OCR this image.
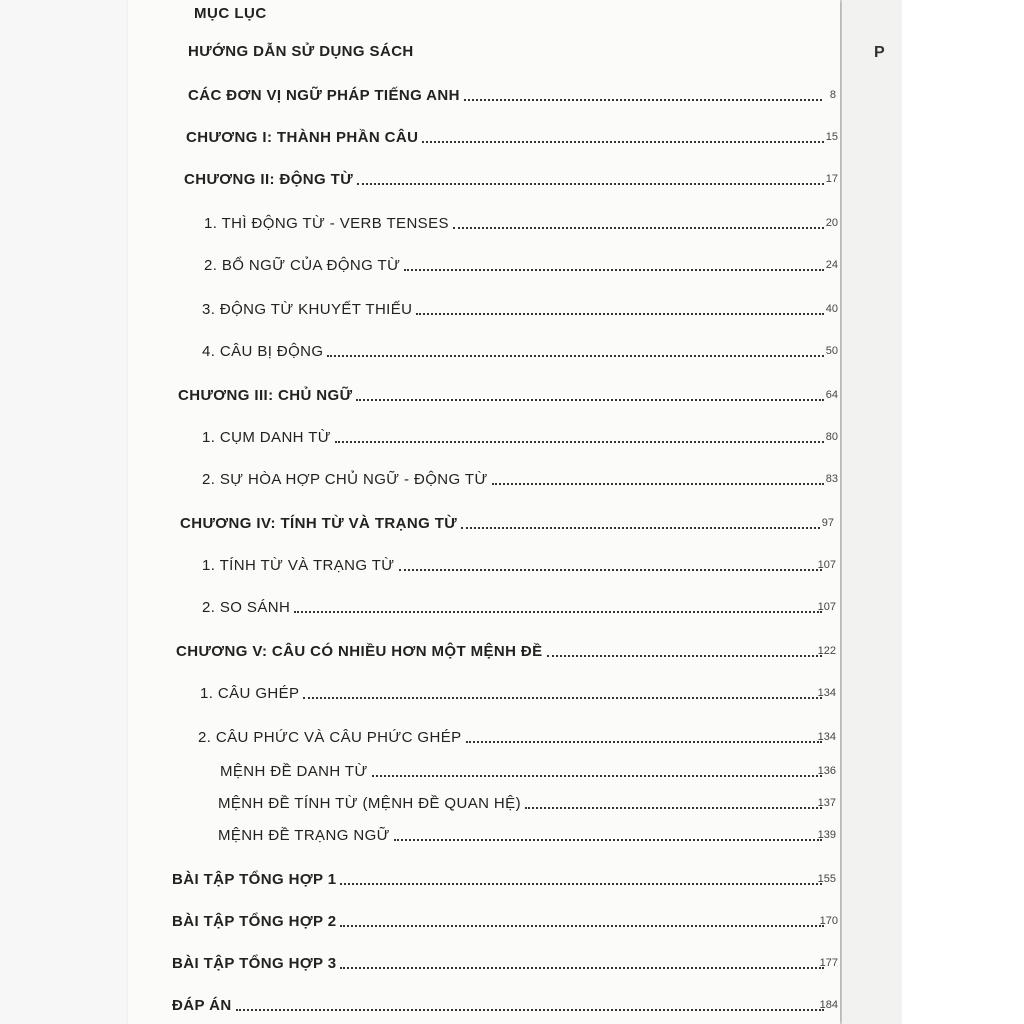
MỤC LỤC
HƯỚNG DẪN SỬ DỤNG SÁCH
CÁC ĐƠN VỊ NGỮ PHÁP TIẾNG ANH	8
CHƯƠNG I: THÀNH PHẦN CÂU	15
CHƯƠNG II: ĐỘNG TỪ	17
1. THÌ ĐỘNG TỪ - VERB TENSES	20
2. BỔ NGỮ CỦA ĐỘNG TỪ	24
3. ĐỘNG TỪ KHUYẾT THIẾU	40
4. CÂU BỊ ĐỘNG	50
CHƯƠNG III: CHỦ NGỮ	64
1. CỤM DANH TỪ	80
2. SỰ HÒA HỢP CHỦ NGỮ - ĐỘNG TỪ	83
CHƯƠNG IV: TÍNH TỪ VÀ TRẠNG TỪ	97
1. TÍNH TỪ VÀ TRẠNG TỪ	107
2. SO SÁNH	107
CHƯƠNG V: CÂU CÓ NHIỀU HƠN MỘT MỆNH ĐỀ	122
1. CÂU GHÉP	134
2. CÂU PHỨC VÀ CÂU PHỨC GHÉP	134
MỆNH ĐỀ DANH TỪ	136
MỆNH ĐỀ TÍNH TỪ (MỆNH ĐỀ QUAN HỆ)	137
MỆNH ĐỀ TRẠNG NGỮ	139
BÀI TẬP TỔNG HỢP 1	155
BÀI TẬP TỔNG HỢP 2	170
BÀI TẬP TỔNG HỢP 3	177
ĐÁP ÁN	184
P
